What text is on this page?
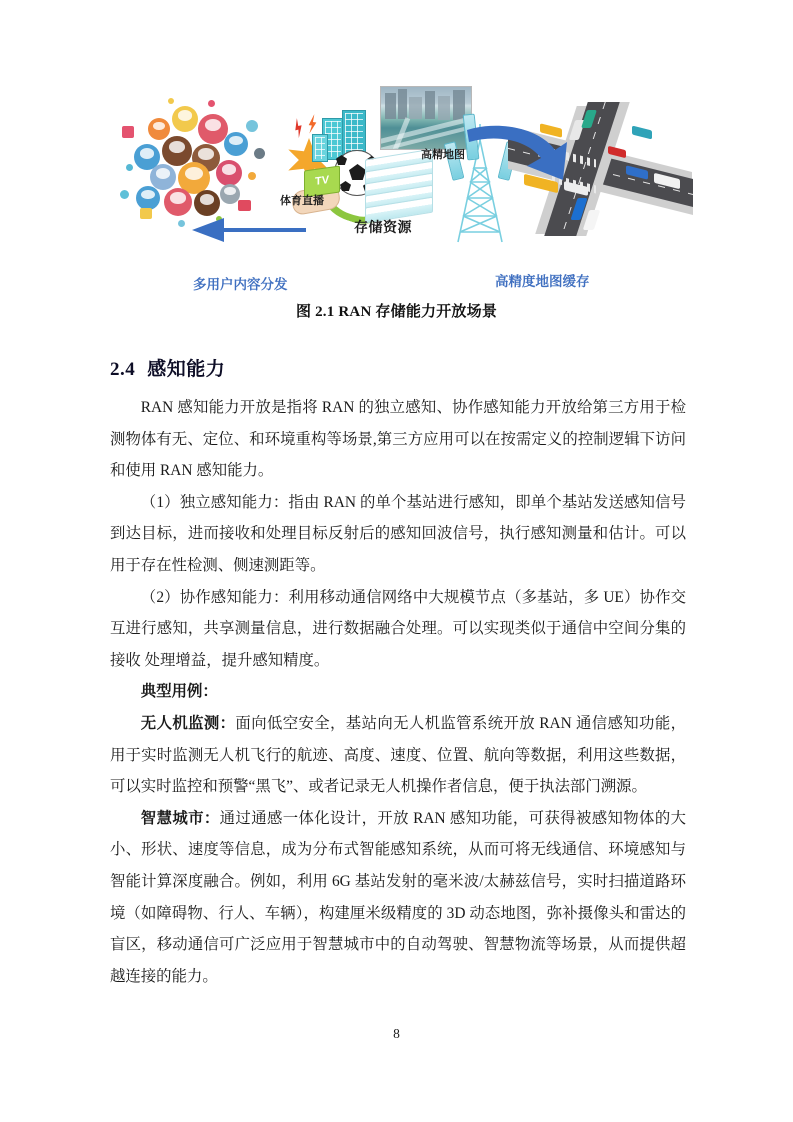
TV
体育直播
高精地图
存储资源
多用户内容分发	高精度地图缓存
图 2.1 RAN 存储能力开放场景
2.4 感知能力

RAN 感知能力开放是指将 RAN 的独立感知、协作感知能力开放给第三方用于检测物体有无、定位、和环境重构等场景,第三方应用可以在按需定义的控制逻辑下访问和使用 RAN 感知能力。

（1）独立感知能力：指由 RAN 的单个基站进行感知，即单个基站发送感知信号到达目标，进而接收和处理目标反射后的感知回波信号，执行感知测量和估计。可以用于存在性检测、侧速测距等。

（2）协作感知能力：利用移动通信网络中大规模节点（多基站，多 UE）协作交互进行感知，共享测量信息，进行数据融合处理。可以实现类似于通信中空间分集的接收 处理增益，提升感知精度。

典型用例：

无人机监测：面向低空安全，基站向无人机监管系统开放 RAN 通信感知功能，用于实时监测无人机飞行的航迹、高度、速度、位置、航向等数据，利用这些数据，可以实时监控和预警“黑飞”、或者记录无人机操作者信息，便于执法部门溯源。

智慧城市：通过通感一体化设计，开放 RAN 感知功能，可获得被感知物体的大小、形状、速度等信息，成为分布式智能感知系统，从而可将无线通信、环境感知与智能计算深度融合。例如，利用 6G 基站发射的毫米波/太赫兹信号，实时扫描道路环境（如障碍物、行人、车辆），构建厘米级精度的 3D 动态地图，弥补摄像头和雷达的盲区，移动通信可广泛应用于智慧城市中的自动驾驶、智慧物流等场景，从而提供超越连接的能力。

8
